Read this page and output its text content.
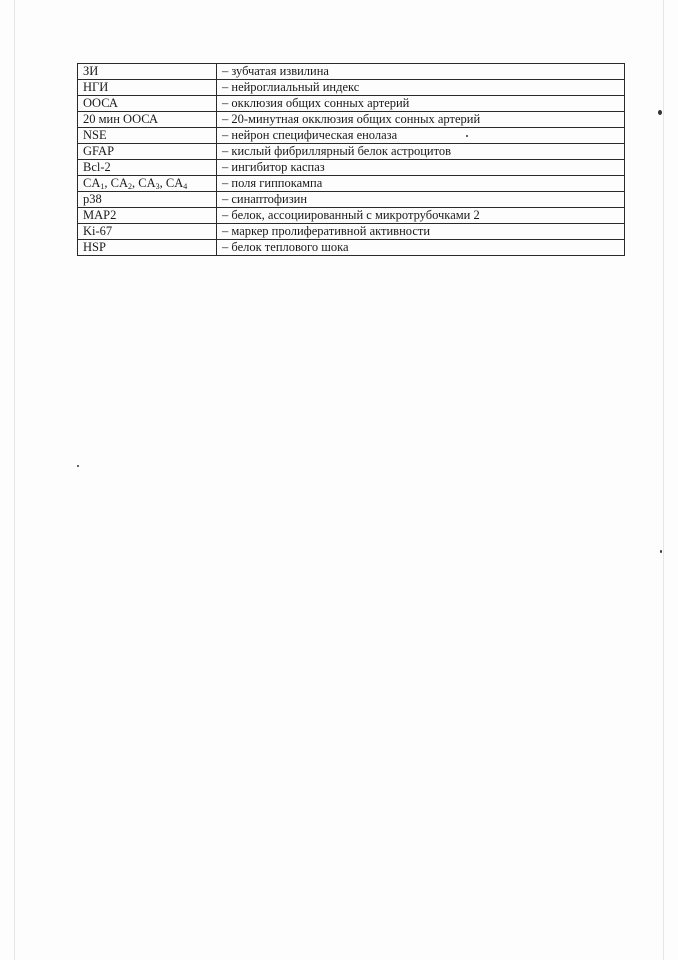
ЗИ	– зубчатая извилина
НГИ	– нейроглиальный индекс
ООСА	– окклюзия общих сонных артерий
20 мин ООСА	– 20-минутная окклюзия общих сонных артерий
NSE	– нейрон специфическая енолаза
GFAP	– кислый фибриллярный белок астроцитов
Bcl-2	– ингибитор каспаз
$CA_1$, $CA_2$, $CA_3$, $CA_4$	– поля гиппокампа
p38	– синаптофизин
MAP2	– белок, ассоциированный с микротрубочками 2
Ki-67	– маркер пролиферативной активности
HSP	– белок теплового шока
